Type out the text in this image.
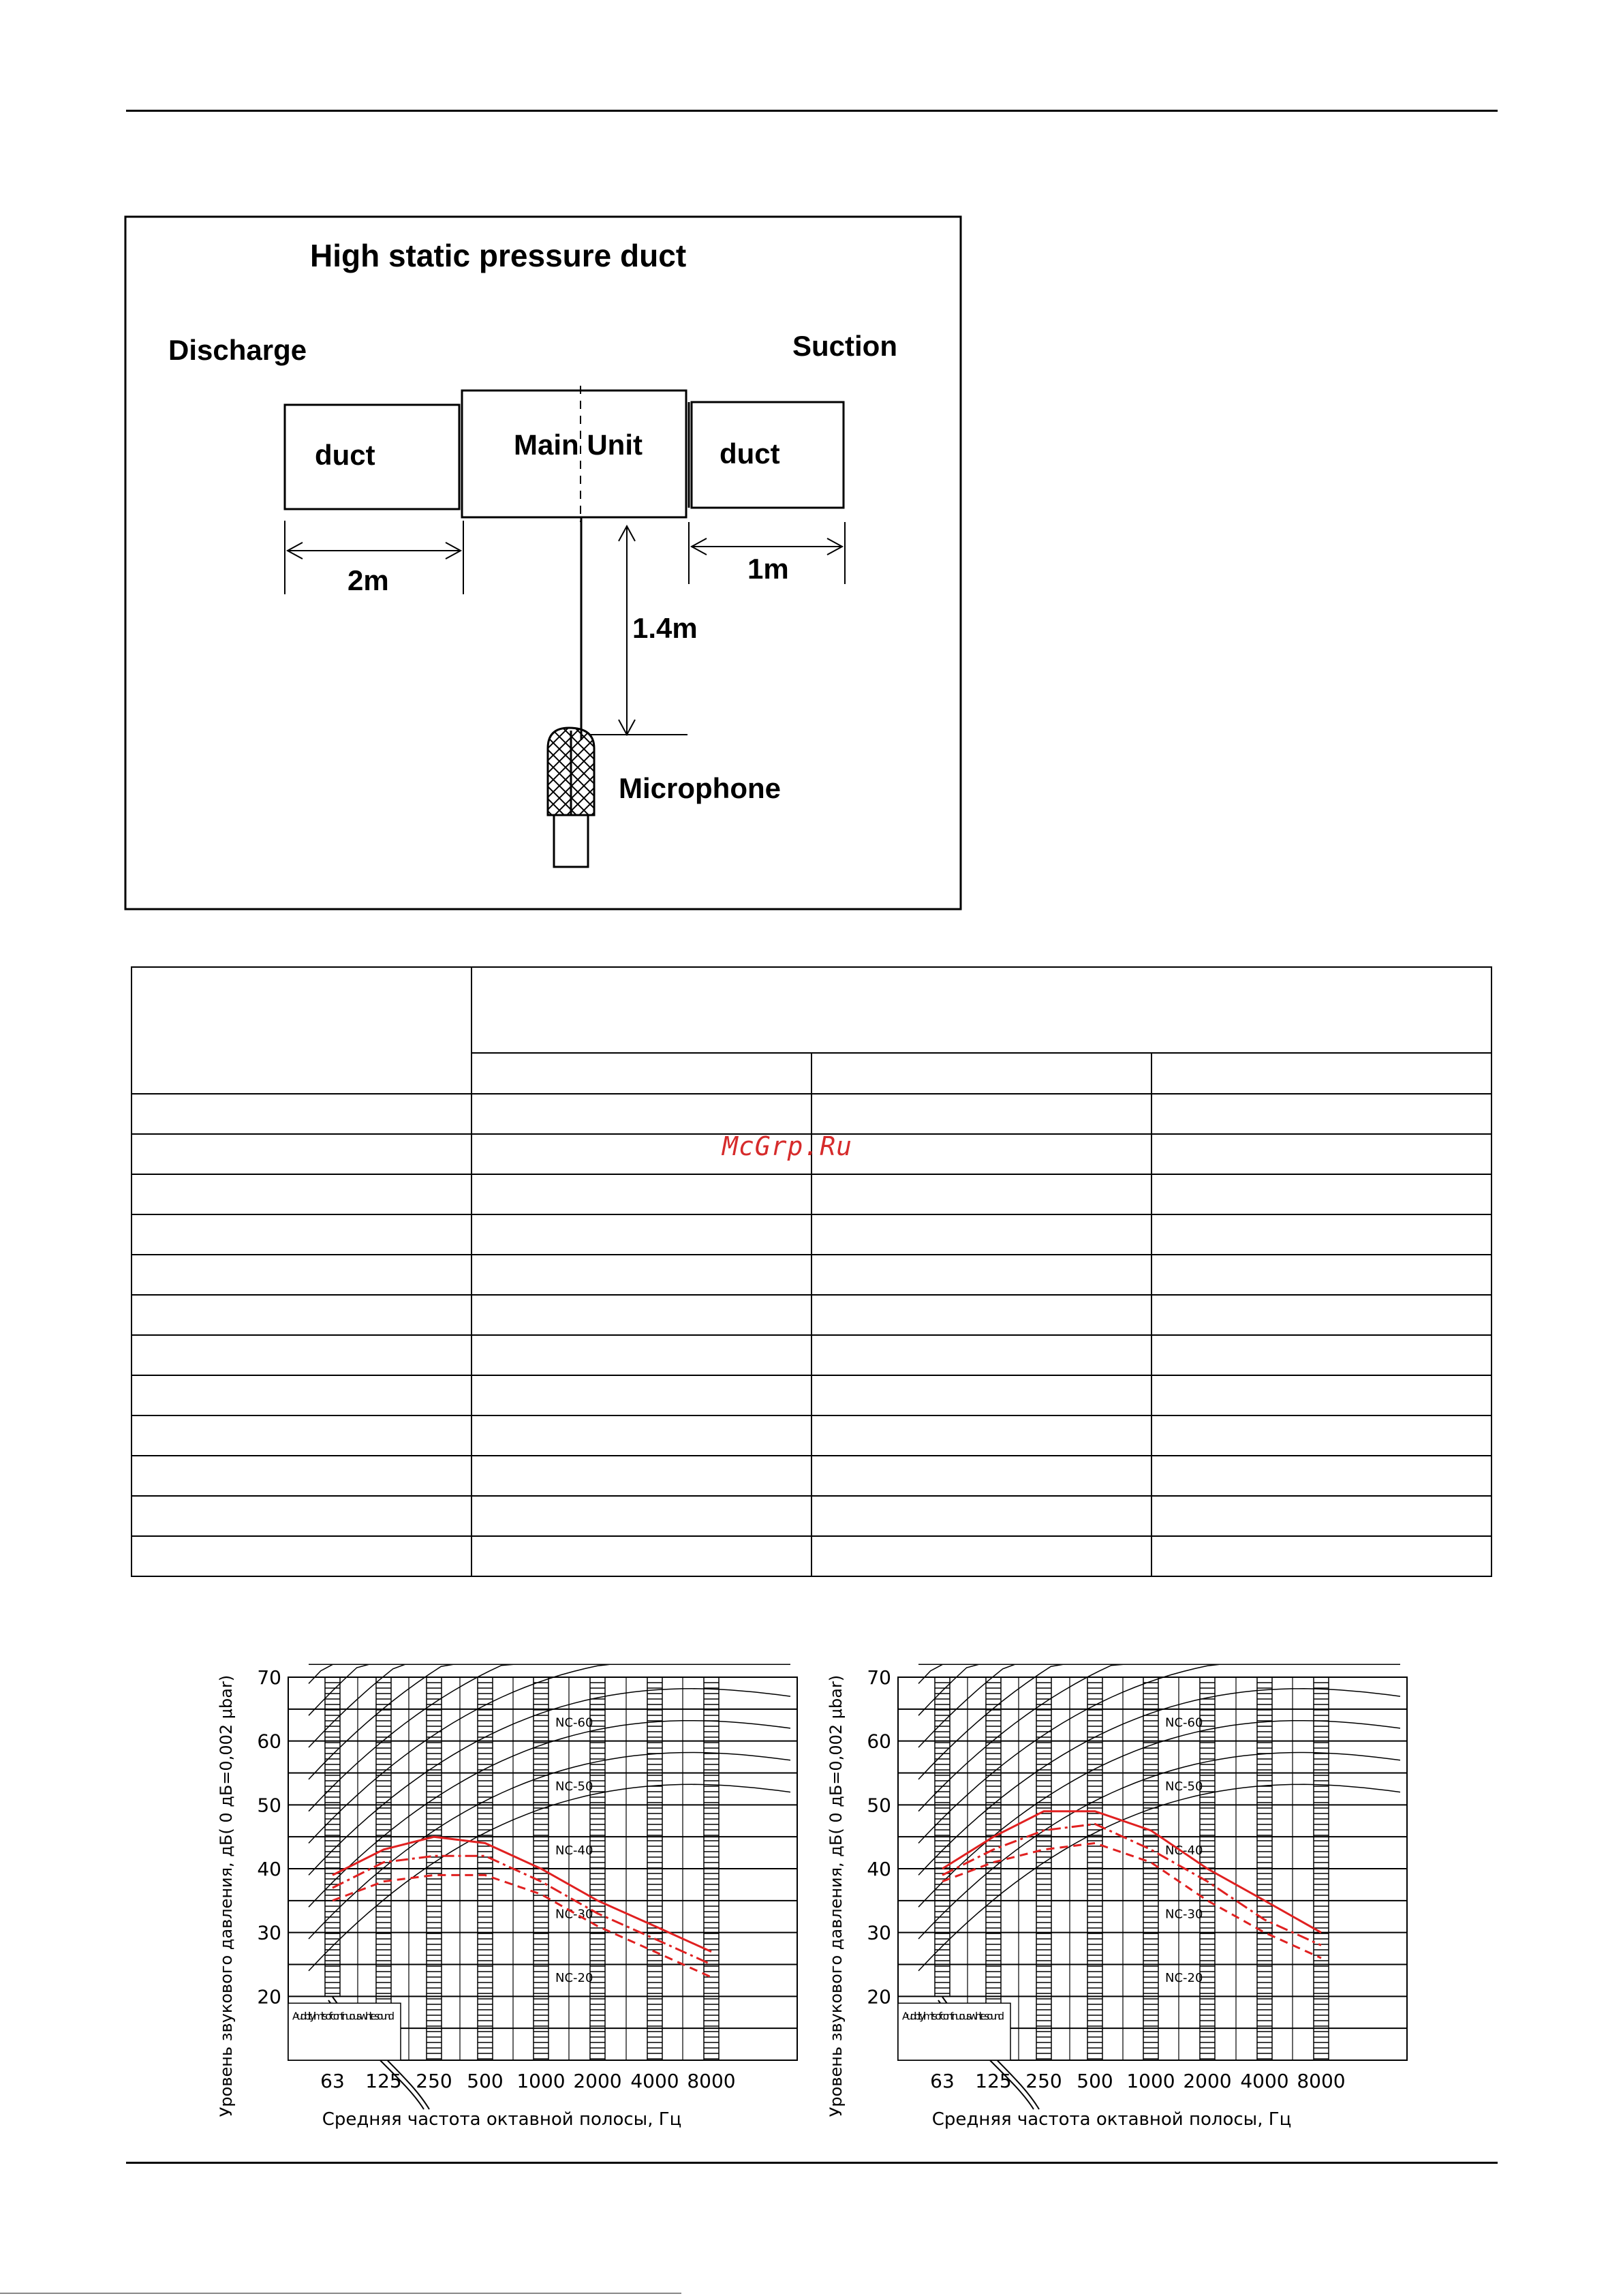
High static pressure duct
Discharge	Suction
duct	Main Unit	duct
2m	1m
1.4m
Microphone

McGrp.Ru
Audibility limits of continuous white sound
NC-60
NC-50
NC-40
NC-30
NC-20
70
60
50
40
30
20
63 125 250 500 1000 2000 4000 8000
Средняя частота октавной полосы, Гц
Уровень звукового давления, дБ( 0 дБ=0,002 μbar)	Audibility limits of continuous white sound
NC-60
NC-50
NC-40
NC-30
NC-20
70
60
50
40
30
20
63 125 250 500 1000 2000 4000 8000
Средняя частота октавной полосы, Гц
Уровень звукового давления, дБ( 0 дБ=0,002 μbar)
